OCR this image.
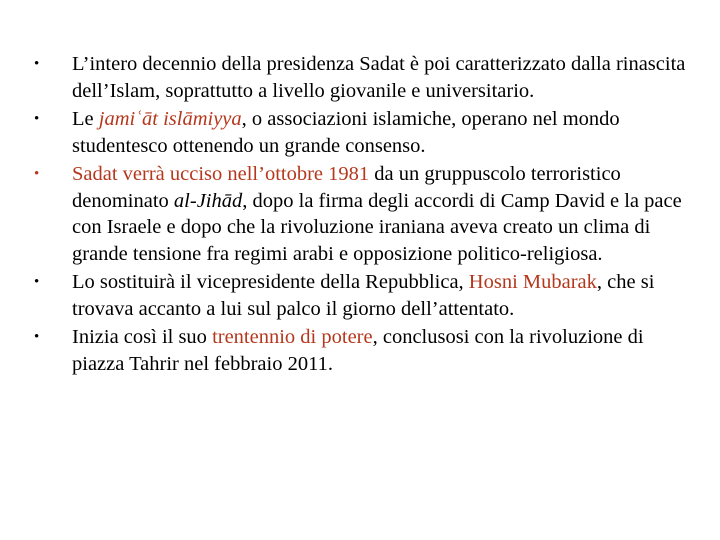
•	L’intero decennio della presidenza Sadat è poi caratterizzato dalla rinascita dell’Islam, soprattutto a livello giovanile e universitario.
•	Le jamiʿāt islāmiyya, o associazioni islamiche, operano nel mondo studentesco ottenendo un grande consenso.
•	Sadat verrà ucciso nell’ottobre 1981 da un gruppuscolo terroristico denominato al-Jihād, dopo la firma degli accordi di Camp David e la pace con Israele e dopo che la rivoluzione iraniana aveva creato un clima di grande tensione fra regimi arabi e opposizione politico-religiosa.
•	Lo sostituirà il vicepresidente della Repubblica, Hosni Mubarak, che si trovava accanto a lui sul palco il giorno dell’attentato.
•	Inizia così il suo trentennio di potere, conclusosi con la rivoluzione di piazza Tahrir nel febbraio 2011.
